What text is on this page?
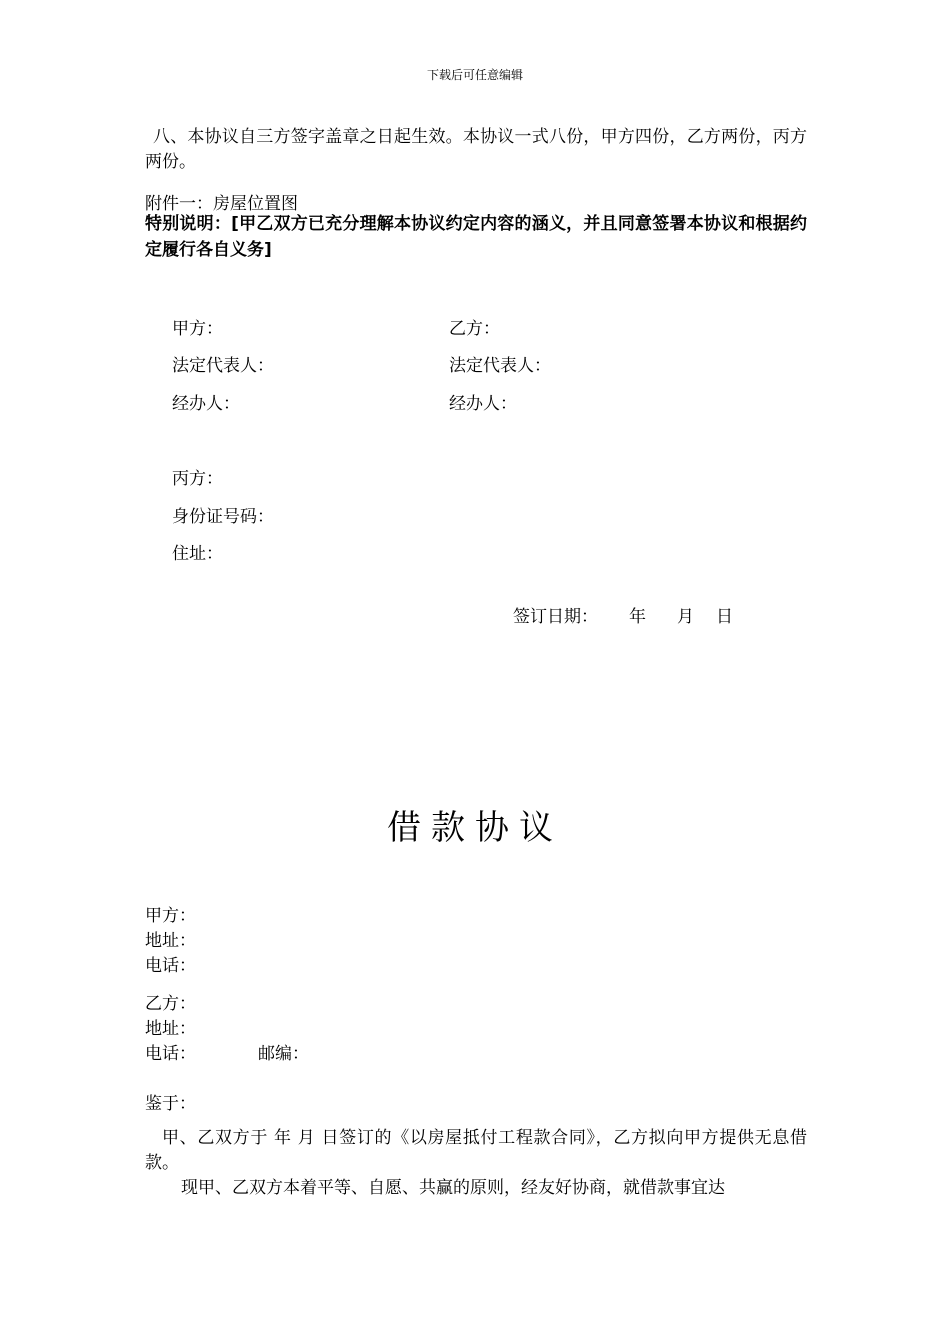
下载后可任意编辑
八、本协议自三方签字盖章之日起生效。本协议一式八份，甲方四份，乙方两份，丙方两份。
附件一：房屋位置图
特别说明：[甲乙双方已充分理解本协议约定内容的涵义，并且同意签署本协议和根据约定履行各自义务]
甲方：	乙方：
法定代表人：	法定代表人：
经办人：	经办人：
丙方：
身份证号码：
住址：
签订日期： 年 月 日
借款协议
甲方：
地址：
电话：
乙方：
地址：
电话：	邮编：
鉴于：
甲、乙双方于 年 月 日签订的《以房屋抵付工程款合同》，乙方拟向甲方提供无息借款。
现甲、乙双方本着平等、自愿、共赢的原则，经友好协商，就借款事宜达
